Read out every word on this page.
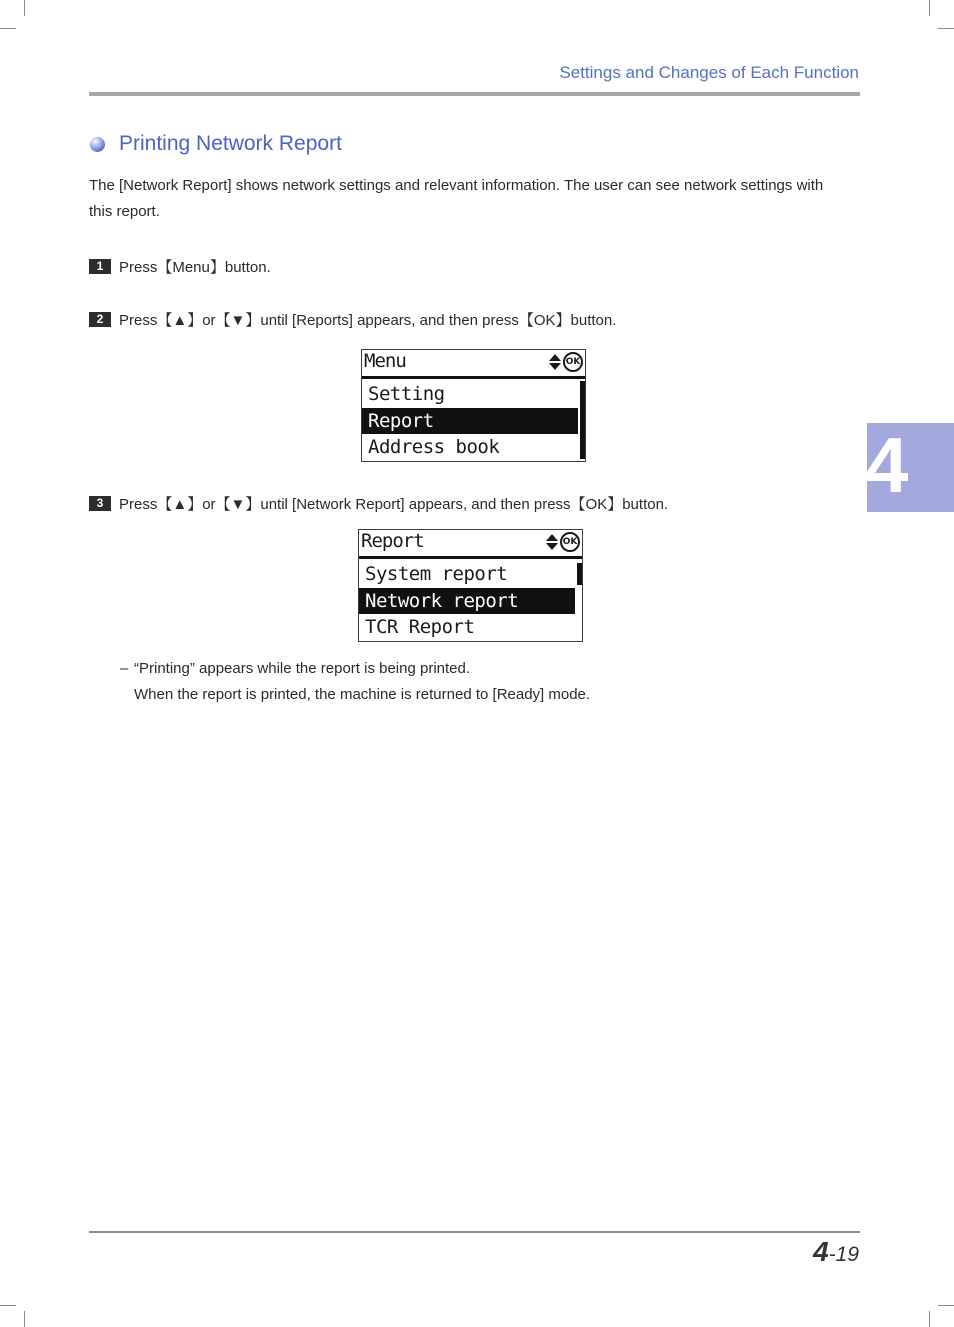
Settings and Changes of Each Function
Printing Network Report
The [Network Report] shows network settings and relevant information. The user can see network settings with this report.
1	Press【Menu】button.
2	Press【▲】or【▼】until [Reports] appears, and then press【OK】button.
Menu	OK
Setting
Report
Address book
3	Press【▲】or【▼】until [Network Report] appears, and then press【OK】button.
Report	OK
System report
Network report
TCR Report
– “Printing” appears while the report is being printed.
When the report is printed, the machine is returned to [Ready] mode.
4
4-19
